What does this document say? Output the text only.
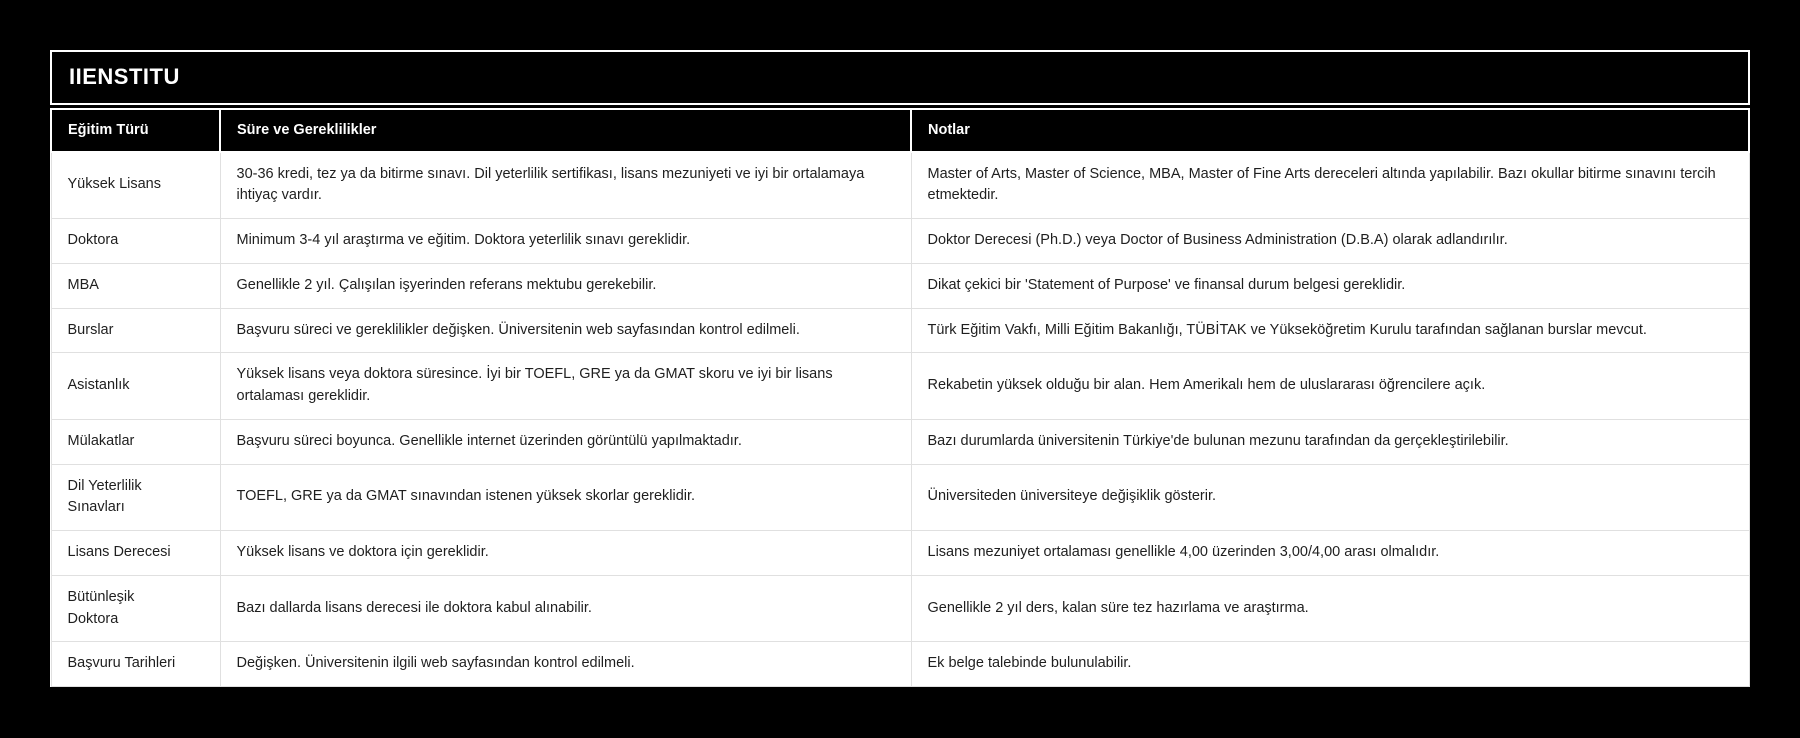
IIENSTITU
Eğitim Türü	Süre ve Gereklilikler	Notlar
Yüksek Lisans	30-36 kredi, tez ya da bitirme sınavı. Dil yeterlilik sertifikası, lisans mezuniyeti ve iyi bir ortalamaya ihtiyaç vardır.	Master of Arts, Master of Science, MBA, Master of Fine Arts dereceleri altında yapılabilir. Bazı okullar bitirme sınavını tercih etmektedir.
Doktora	Minimum 3-4 yıl araştırma ve eğitim. Doktora yeterlilik sınavı gereklidir.	Doktor Derecesi (Ph.D.) veya Doctor of Business Administration (D.B.A) olarak adlandırılır.
MBA	Genellikle 2 yıl. Çalışılan işyerinden referans mektubu gerekebilir.	Dikat çekici bir 'Statement of Purpose' ve finansal durum belgesi gereklidir.
Burslar	Başvuru süreci ve gereklilikler değişken. Üniversitenin web sayfasından kontrol edilmeli.	Türk Eğitim Vakfı, Milli Eğitim Bakanlığı, TÜBİTAK ve Yükseköğretim Kurulu tarafından sağlanan burslar mevcut.
Asistanlık	Yüksek lisans veya doktora süresince. İyi bir TOEFL, GRE ya da GMAT skoru ve iyi bir lisans ortalaması gereklidir.	Rekabetin yüksek olduğu bir alan. Hem Amerikalı hem de uluslararası öğrencilere açık.
Mülakatlar	Başvuru süreci boyunca. Genellikle internet üzerinden görüntülü yapılmaktadır.	Bazı durumlarda üniversitenin Türkiye'de bulunan mezunu tarafından da gerçekleştirilebilir.
Dil Yeterlilik Sınavları	TOEFL, GRE ya da GMAT sınavından istenen yüksek skorlar gereklidir.	Üniversiteden üniversiteye değişiklik gösterir.
Lisans Derecesi	Yüksek lisans ve doktora için gereklidir.	Lisans mezuniyet ortalaması genellikle 4,00 üzerinden 3,00/4,00 arası olmalıdır.
Bütünleşik Doktora	Bazı dallarda lisans derecesi ile doktora kabul alınabilir.	Genellikle 2 yıl ders, kalan süre tez hazırlama ve araştırma.
Başvuru Tarihleri	Değişken. Üniversitenin ilgili web sayfasından kontrol edilmeli.	Ek belge talebinde bulunulabilir.
